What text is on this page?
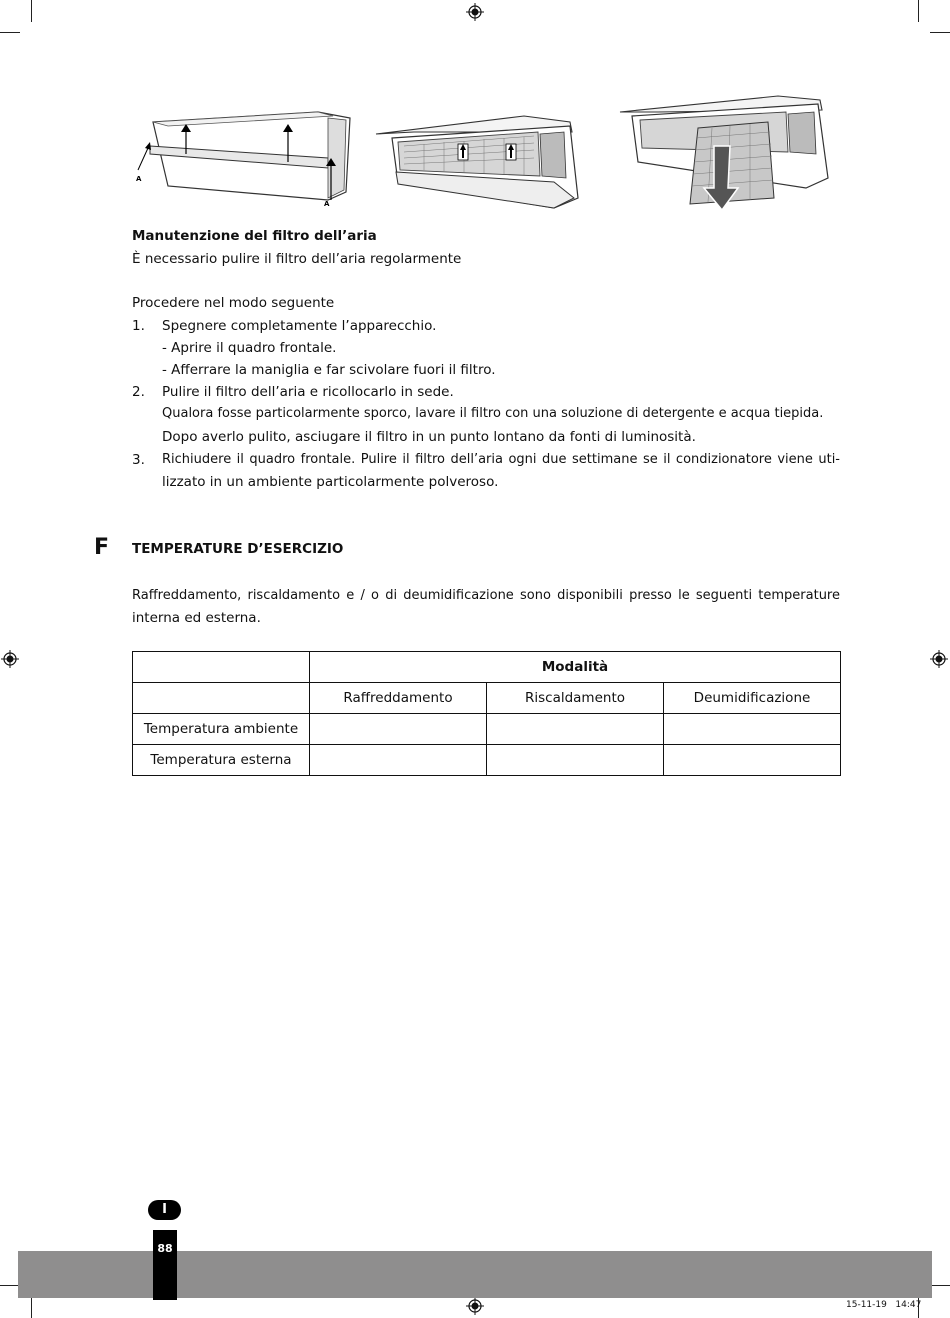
A
A
Manutenzione del filtro dell’aria
È necessario pulire il filtro dell’aria regolarmente
Procedere nel modo seguente
1. Spegnere completamente l’apparecchio.
- Aprire il quadro frontale.
- Afferrare la maniglia e far scivolare fuori il filtro.
2. Pulire il filtro dell’aria e ricollocarlo in sede.
Qualora fosse particolarmente sporco, lavare il filtro con una soluzione di detergente e acqua tiepida.
Dopo averlo pulito, asciugare il filtro in un punto lontano da fonti di luminosità.
3. Richiudere il quadro frontale. Pulire il filtro dell’aria ogni due settimane se il condizionatore viene uti-
lizzato in un ambiente particolarmente polveroso.
F TEMPERATURE D’ESERCIZIO
Raffreddamento, riscaldamento e / o di deumidificazione sono disponibili presso le seguenti temperature
interna ed esterna.
	Modalità		
	Raffreddamento	Riscaldamento	Deumidificazione
Temperatura ambiente			
Temperatura esterna			
I
88
15-11-19   14:47
